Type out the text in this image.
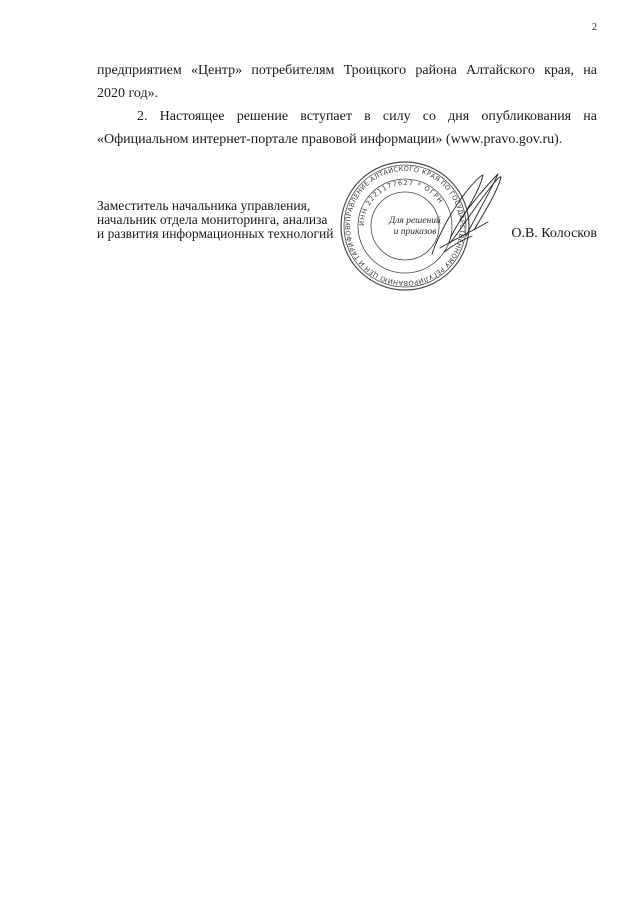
2
предприятием «Центр» потребителям Троицкого района Алтайского края, на
2020 год».
2. Настоящее решение вступает в силу со дня опубликования на
«Официальном интернет-портале правовой информации» (www.pravo.gov.ru).
Заместитель начальника управления,
начальник отдела мониторинга, анализа
и развития информационных технологий	О.В. Колосков
УПРАВЛЕНИЕ АЛТАЙСКОГО КРАЯ ПО ГОСУДАРСТВЕННОМУ РЕГУЛИРОВАНИЮ ЦЕН И ТАРИФОВ
ИНН 2221177627 * ОГРН
Для решений
и приказов
